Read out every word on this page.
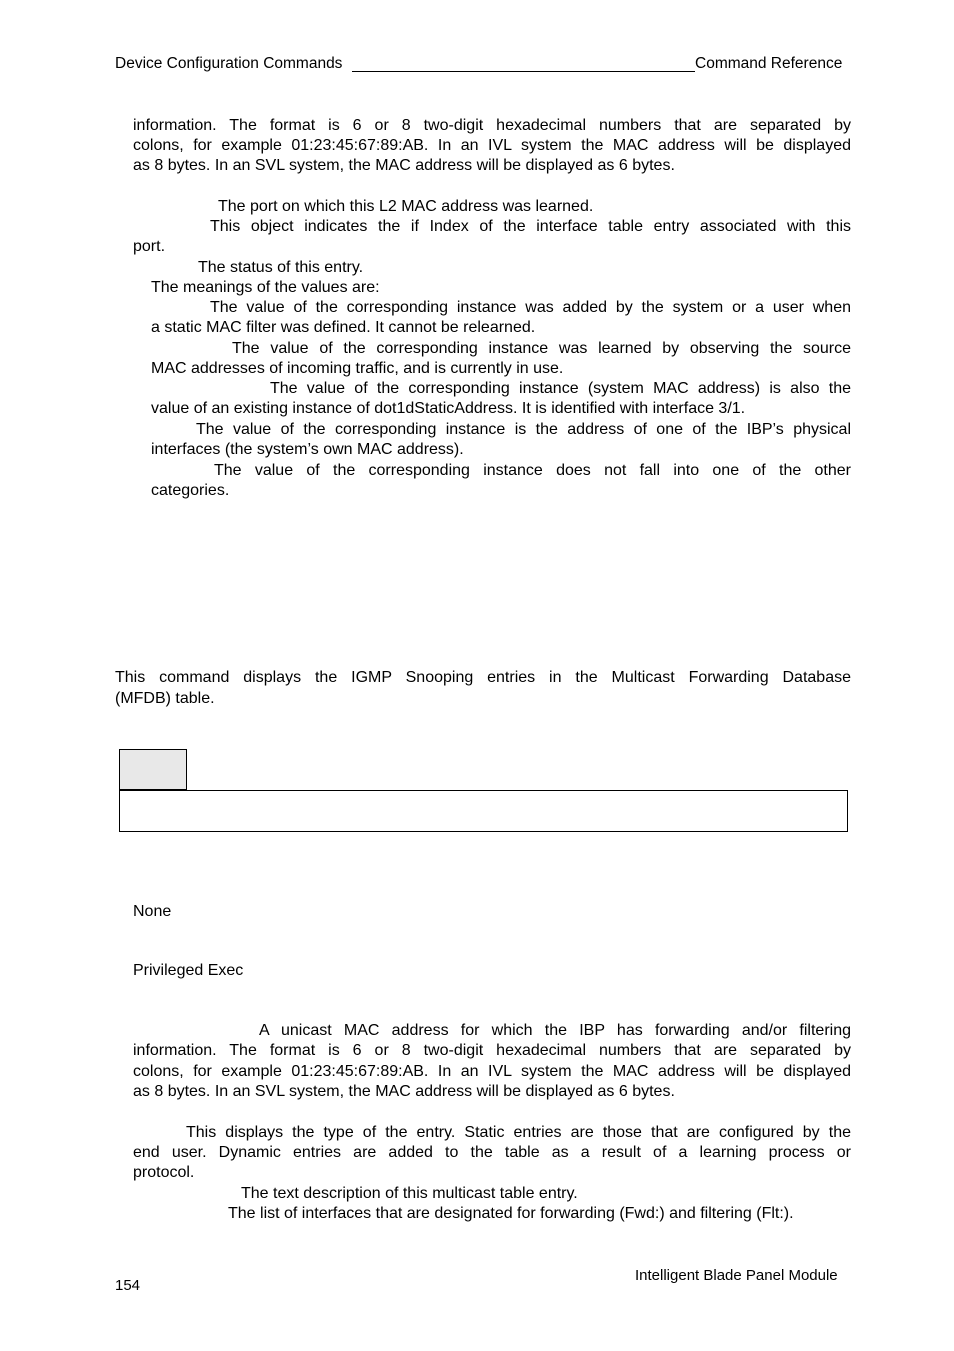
Device Configuration Commands	Command Reference
information. The format is 6 or 8 two-digit hexadecimal numbers that are separated by
colons, for example 01:23:45:67:89:AB. In an IVL system the MAC address will be displayed
as 8 bytes. In an SVL system, the MAC address will be displayed as 6 bytes.
The port on which this L2 MAC address was learned.
This object indicates the if Index of the interface table entry associated with this
port.
The status of this entry.
The meanings of the values are:
The value of the corresponding instance was added by the system or a user when
a static MAC filter was defined. It cannot be relearned.
The value of the corresponding instance was learned by observing the source
MAC addresses of incoming traffic, and is currently in use.
The value of the corresponding instance (system MAC address) is also the
value of an existing instance of dot1dStaticAddress. It is identified with interface 3/1.
The value of the corresponding instance is the address of one of the IBP’s physical
interfaces (the system’s own MAC address).
The value of the corresponding instance does not fall into one of the other
categories.
This command displays the IGMP Snooping entries in the Multicast Forwarding Database
(MFDB) table.
None
Privileged Exec
A unicast MAC address for which the IBP has forwarding and/or filtering
information. The format is 6 or 8 two-digit hexadecimal numbers that are separated by
colons, for example 01:23:45:67:89:AB. In an IVL system the MAC address will be displayed
as 8 bytes. In an SVL system, the MAC address will be displayed as 6 bytes.
This displays the type of the entry. Static entries are those that are configured by the
end user. Dynamic entries are added to the table as a result of a learning process or
protocol.
The text description of this multicast table entry.
The list of interfaces that are designated for forwarding (Fwd:) and filtering (Flt:).
154
Intelligent Blade Panel Module
